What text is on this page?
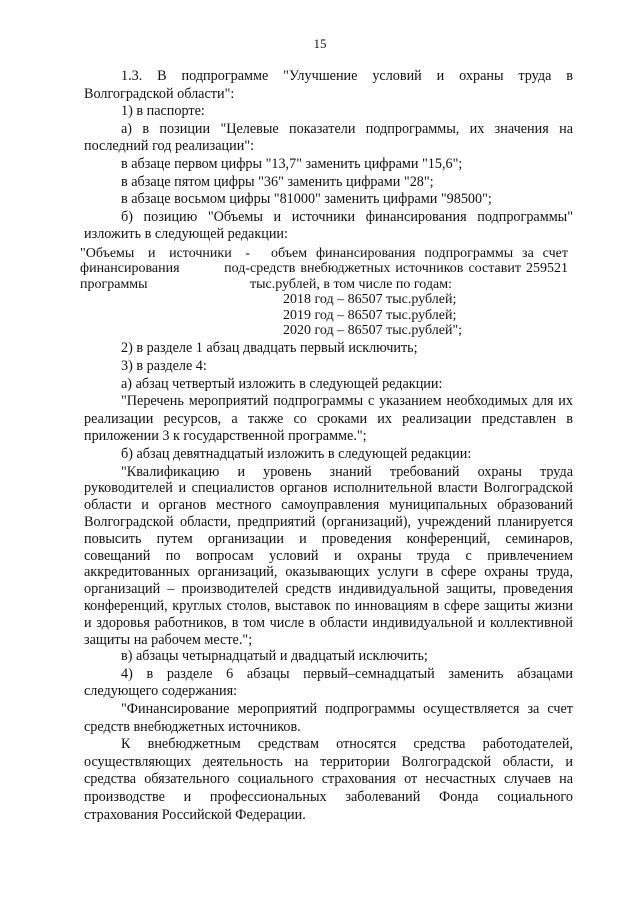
15

1.3. В подпрограмме "Улучшение условий и охраны труда в Волгоградской области":

1) в паспорте:

а) в позиции "Целевые показатели подпрограммы, их значения на последний год реализации":

в абзаце первом цифры "13,7" заменить цифрами "15,6";

в абзаце пятом цифры "36" заменить цифрами "28";

в абзаце восьмом цифры "81000" заменить цифрами "98500";

б) позицию "Объемы и источники финансирования подпрограммы" изложить в следующей редакции:

"Объемы и источники - финансирования под-программы

объем финансирования подпрограммы за счет средств внебюджетных источников составит 259521 тыс.рублей, в том числе по годам:

2018 год – 86507 тыс.рублей;

2019 год – 86507 тыс.рублей;

2020 год – 86507 тыс.рублей";

2) в разделе 1 абзац двадцать первый исключить;

3) в разделе 4:

а) абзац четвертый изложить в следующей редакции:

"Перечень мероприятий подпрограммы с указанием необходимых для их реализации ресурсов, а также со сроками их реализации представлен в приложении 3 к государственной программе.";

б) абзац девятнадцатый изложить в следующей редакции:

"Квалификацию и уровень знаний требований охраны труда руководителей и специалистов органов исполнительной власти Волгоградской области и органов местного самоуправления муниципальных образований Волгоградской области, предприятий (организаций), учреждений планируется повысить путем организации и проведения конференций, семинаров, совещаний по вопросам условий и охраны труда с привлечением аккредитованных организаций, оказывающих услуги в сфере охраны труда, организаций – производителей средств индивидуальной защиты, проведения конференций, круглых столов, выставок по инновациям в сфере защиты жизни и здоровья работников, в том числе в области индивидуальной и коллективной защиты на рабочем месте.";

в) абзацы четырнадцатый и двадцатый исключить;

4) в разделе 6 абзацы первый–семнадцатый заменить абзацами следующего содержания:

"Финансирование мероприятий подпрограммы осуществляется за счет средств внебюджетных источников.

К внебюджетным средствам относятся средства работодателей, осуществляющих деятельность на территории Волгоградской области, и средства обязательного социального страхования от несчастных случаев на производстве и профессиональных заболеваний Фонда социального страхования Российской Федерации.
